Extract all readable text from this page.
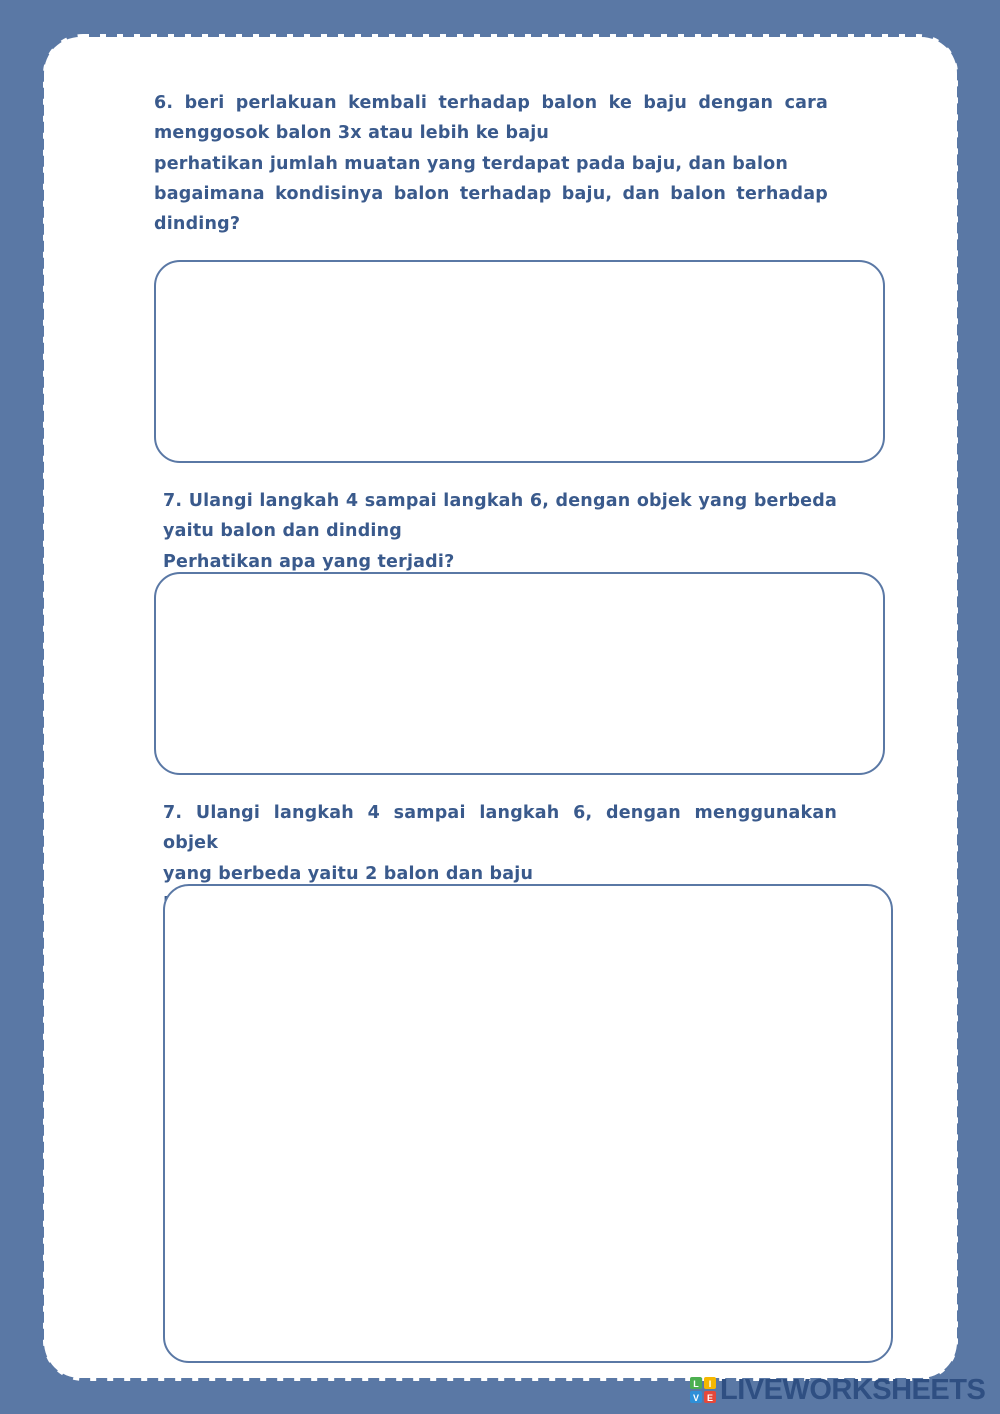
6. beri perlakuan kembali terhadap balon ke baju dengan cara
menggosok balon 3x atau lebih ke baju
perhatikan jumlah muatan yang terdapat pada baju, dan balon
bagaimana kondisinya balon terhadap baju, dan balon terhadap
dinding?
7. Ulangi langkah 4 sampai langkah 6, dengan objek yang berbeda
yaitu balon dan dinding
Perhatikan apa yang terjadi?
7. Ulangi langkah 4 sampai langkah 6, dengan menggunakan objek
yang berbeda yaitu 2 balon dan baju
L I
V E LIVEWORKSHEETS
